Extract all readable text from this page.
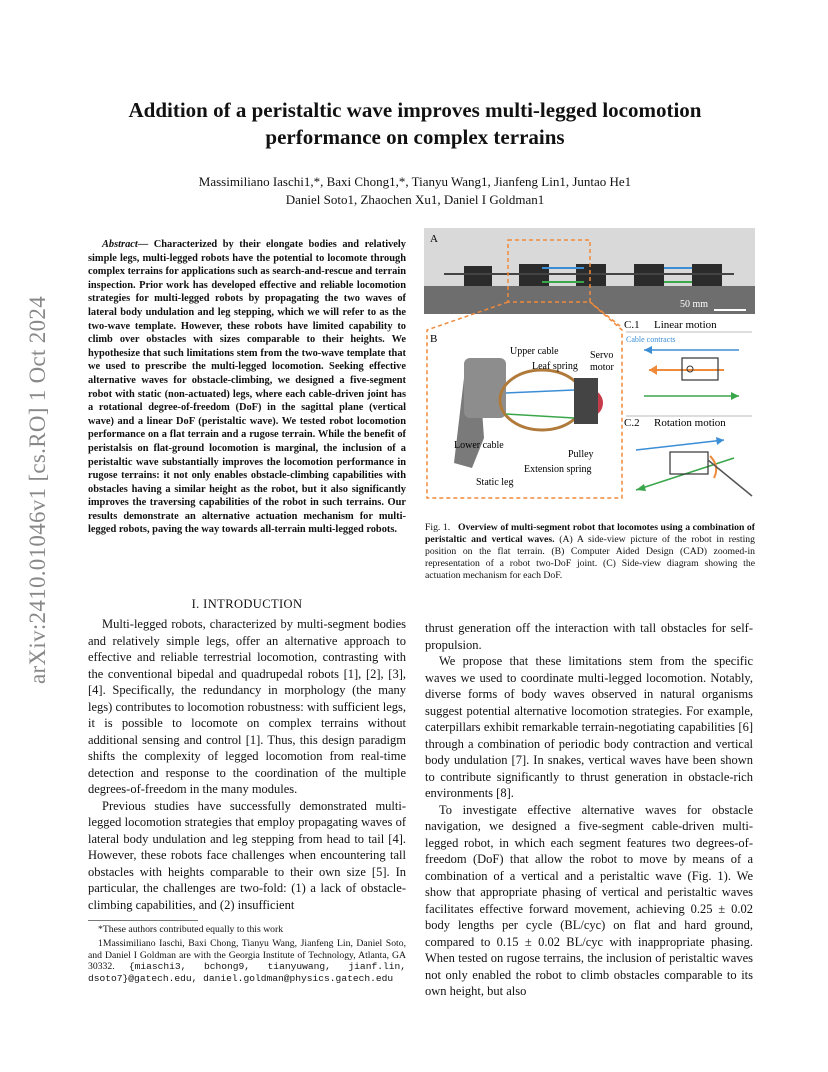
arXiv:2410.01046v1 [cs.RO] 1 Oct 2024
Addition of a peristaltic wave improves multi-legged locomotion performance on complex terrains
Massimiliano Iaschi1,*, Baxi Chong1,*, Tianyu Wang1, Jianfeng Lin1, Juntao He1
Daniel Soto1, Zhaochen Xu1, Daniel I Goldman1
Abstract— Characterized by their elongate bodies and relatively simple legs, multi-legged robots have the potential to locomote through complex terrains for applications such as search-and-rescue and terrain inspection. Prior work has developed effective and reliable locomotion strategies for multi-legged robots by propagating the two waves of lateral body undulation and leg stepping, which we will refer to as the two-wave template. However, these robots have limited capability to climb over obstacles with sizes comparable to their heights. We hypothesize that such limitations stem from the two-wave template that we used to prescribe the multi-legged locomotion. Seeking effective alternative waves for obstacle-climbing, we designed a five-segment robot with static (non-actuated) legs, where each cable-driven joint has a rotational degree-of-freedom (DoF) in the sagittal plane (vertical wave) and a linear DoF (peristaltic wave). We tested robot locomotion performance on a flat terrain and a rugose terrain. While the benefit of peristalsis on flat-ground locomotion is marginal, the inclusion of a peristaltic wave substantially improves the locomotion performance in rugose terrains: it not only enables obstacle-climbing capabilities with obstacles having a similar height as the robot, but it also significantly improves the traversing capabilities of the robot in such terrains. Our results demonstrate an alternative actuation mechanism for multi-legged robots, paving the way towards all-terrain multi-legged robots.
I. INTRODUCTION

Multi-legged robots, characterized by multi-segment bodies and relatively simple legs, offer an alternative approach to effective and reliable terrestrial locomotion, contrasting with the conventional bipedal and quadrupedal robots [1], [2], [3], [4]. Specifically, the redundancy in morphology (the many legs) contributes to locomotion robustness: with sufficient legs, it is possible to locomote on complex terrains without additional sensing and control [1]. Thus, this design paradigm shifts the complexity of legged locomotion from real-time detection and response to the coordination of the multiple degrees-of-freedom in the many modules.

Previous studies have successfully demonstrated multi-legged locomotion strategies that employ propagating waves of lateral body undulation and leg stepping from head to tail [4]. However, these robots face challenges when encountering tall obstacles with heights comparable to their own size [5]. In particular, the challenges are two-fold: (1) a lack of obstacle-climbing capabilities, and (2) insufficient

*These authors contributed equally to this work

1Massimiliano Iaschi, Baxi Chong, Tianyu Wang, Jianfeng Lin, Daniel Soto, and Daniel I Goldman are with the Georgia Institute of Technology, Atlanta, GA 30332. {miaschi3, bchong9, tianyuwang, jianf.lin, dsoto7}@gatech.edu, daniel.goldman@physics.gatech.edu

thrust generation off the interaction with tall obstacles for self-propulsion.

We propose that these limitations stem from the specific waves we used to coordinate multi-legged locomotion. Notably, diverse forms of body waves observed in natural organisms suggest potential alternative locomotion strategies. For example, caterpillars exhibit remarkable terrain-negotiating capabilities [6] through a combination of periodic body contraction and vertical body undulation [7]. In snakes, vertical waves have been shown to contribute significantly to thrust generation in obstacle-rich environments [8].

To investigate effective alternative waves for obstacle navigation, we designed a five-segment cable-driven multi-legged robot, in which each segment features two degrees-of-freedom (DoF) that allow the robot to move by means of a combination of a vertical and a peristaltic wave (Fig. 1). We show that appropriate phasing of vertical and peristaltic waves facilitates effective forward movement, achieving 0.25 ± 0.02 body lengths per cycle (BL/cyc) on flat and hard ground, compared to 0.15 ± 0.02 BL/cyc with inappropriate phasing. When tested on rugose terrains, the inclusion of peristaltic waves not only enabled the robot to climb obstacles comparable to its own height, but also

A
50 mm
B
Upper cable	Servo
motor
Leaf spring
Lower cable
Pulley
Extension spring
Static leg
C.1 Linear motion
Cable contracts
C.2 Rotation motion
Fig. 1. Overview of multi-segment robot that locomotes using a combination of peristaltic and vertical waves. (A) A side-view picture of the robot in resting position on the flat terrain. (B) Computer Aided Design (CAD) zoomed-in representation of a robot two-DoF joint. (C) Side-view diagram showing the actuation mechanism for each DoF.
